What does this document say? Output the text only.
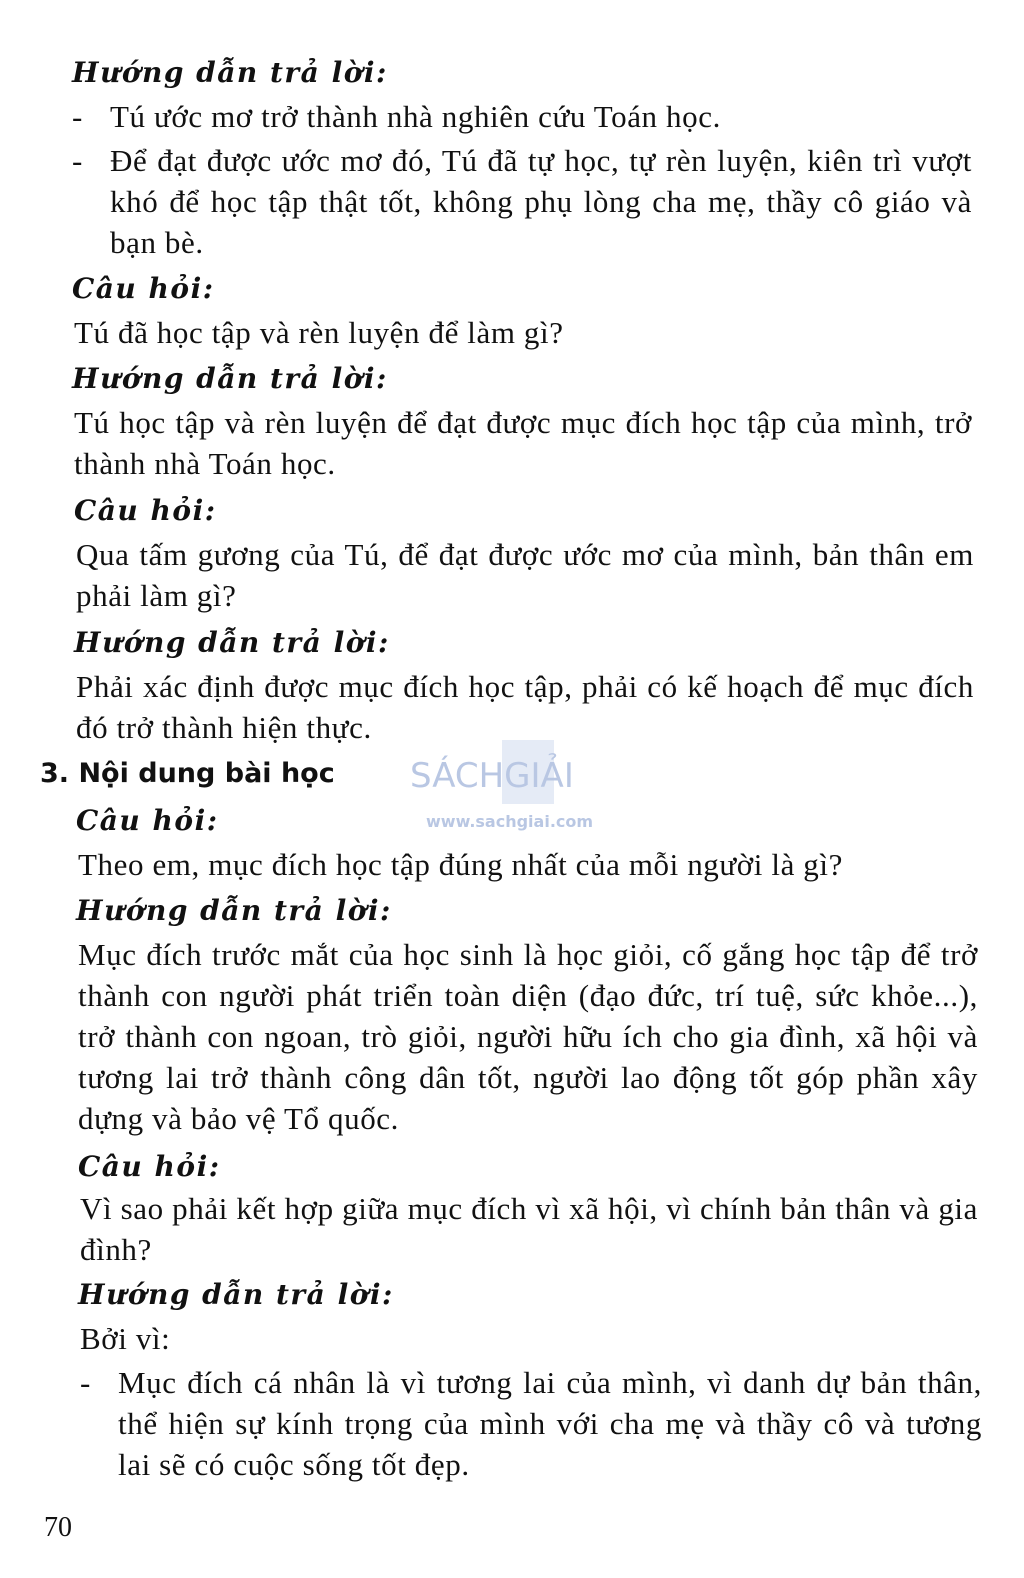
Hướng dẫn trả lời:
- Tú ước mơ trở thành nhà nghiên cứu Toán học.
- Để đạt được ước mơ đó, Tú đã tự học, tự rèn luyện, kiên trì vượt khó để học tập thật tốt, không phụ lòng cha mẹ, thầy cô giáo và bạn bè.
Câu hỏi:
Tú đã học tập và rèn luyện để làm gì?
Hướng dẫn trả lời:
Tú học tập và rèn luyện để đạt được mục đích học tập của mình, trở thành nhà Toán học.
Câu hỏi:
Qua tấm gương của Tú, để đạt được ước mơ của mình, bản thân em phải làm gì?
Hướng dẫn trả lời:
Phải xác định được mục đích học tập, phải có kế hoạch để mục đích đó trở thành hiện thực.
SÁCHGIẢI
www.sachgiai.com
3. Nội dung bài học
Câu hỏi:
Theo em, mục đích học tập đúng nhất của mỗi người là gì?
Hướng dẫn trả lời:
Mục đích trước mắt của học sinh là học giỏi, cố gắng học tập để trở thành con người phát triển toàn diện (đạo đức, trí tuệ, sức khỏe...), trở thành con ngoan, trò giỏi, người hữu ích cho gia đình, xã hội và tương lai trở thành công dân tốt, người lao động tốt góp phần xây dựng và bảo vệ Tổ quốc.
Câu hỏi:
Vì sao phải kết hợp giữa mục đích vì xã hội, vì chính bản thân và gia đình?
Hướng dẫn trả lời:
Bởi vì:
- Mục đích cá nhân là vì tương lai của mình, vì danh dự bản thân, thể hiện sự kính trọng của mình với cha mẹ và thầy cô và tương lai sẽ có cuộc sống tốt đẹp.
70
